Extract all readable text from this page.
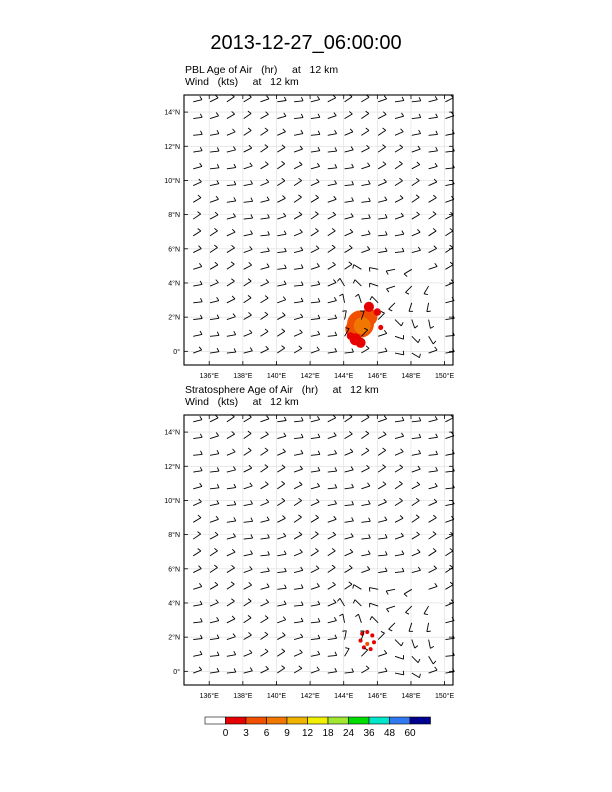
2013-12-27_06:00:00
PBL Age of Air   (hr)     at   12 km
Wind   (kts)     at   12 km
Stratosphere Age of Air   (hr)     at   12 km
Wind   (kts)     at   12 km
136°E 138°E 140°E 142°E 144°E 146°E 148°E 150°E
0°
2°N
4°N
6°N
8°N
10°N
12°N
14°N
136°E 138°E 140°E 142°E 144°E 146°E 148°E 150°E
0°
2°N
4°N
6°N
8°N
10°N
12°N
14°N
0 3 6 9 12 18 24 36 48 60
